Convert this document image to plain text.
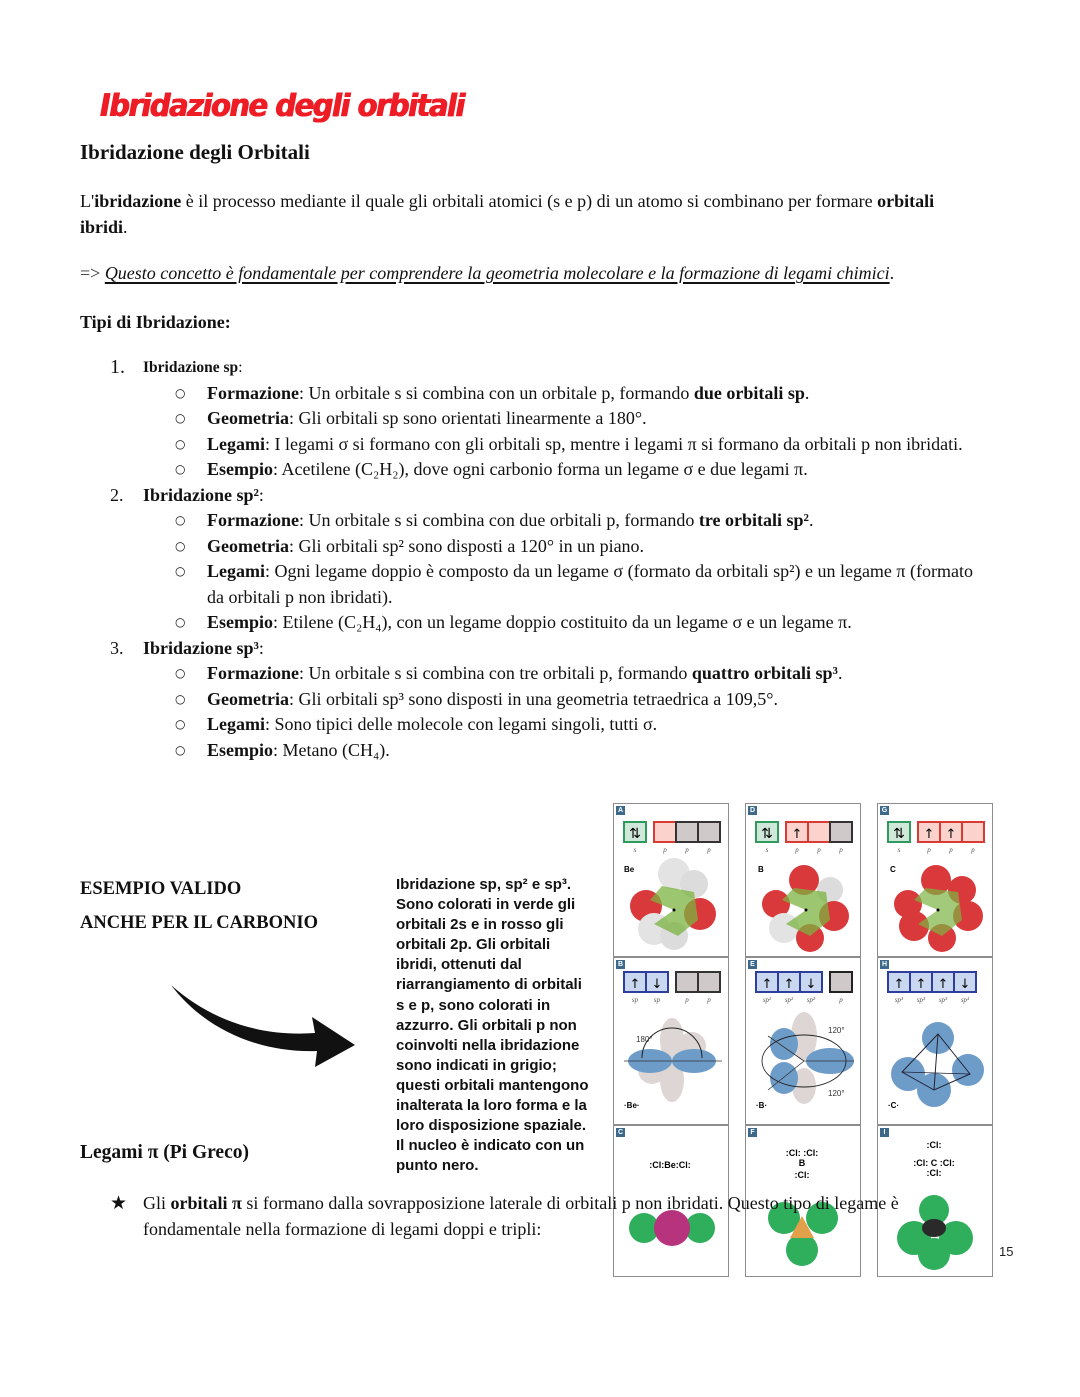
Ibridazione degli orbitali
Ibridazione degli Orbitali
L'ibridazione è il processo mediante il quale gli orbitali atomici (s e p) di un atomo si combinano per formare orbitali ibridi.
=> Questo concetto è fondamentale per comprendere la geometria molecolare e la formazione di legami chimici.
Tipi di Ibridazione:
1. Ibridazione sp:
○ Formazione: Un orbitale s si combina con un orbitale p, formando due orbitali sp.
○ Geometria: Gli orbitali sp sono orientati linearmente a 180°.
○ Legami: I legami σ si formano con gli orbitali sp, mentre i legami π si formano da orbitali p non ibridati.
○ Esempio: Acetilene (C₂H₂), dove ogni carbonio forma un legame σ e due legami π.
2. Ibridazione sp²:
○ Formazione: Un orbitale s si combina con due orbitali p, formando tre orbitali sp².
○ Geometria: Gli orbitali sp² sono disposti a 120° in un piano.
○ Legami: Ogni legame doppio è composto da un legame σ (formato da orbitali sp²) e un legame π (formato da orbitali p non ibridati).
○ Esempio: Etilene (C₂H₄), con un legame doppio costituito da un legame σ e un legame π.
3. Ibridazione sp³:
○ Formazione: Un orbitale s si combina con tre orbitali p, formando quattro orbitali sp³.
○ Geometria: Gli orbitali sp³ sono disposti in una geometria tetraedrica a 109,5°.
○ Legami: Sono tipici delle molecole con legami singoli, tutti σ.
○ Esempio: Metano (CH₄).
ESEMPIO VALIDO
ANCHE PER IL CARBONIO
Ibridazione sp, sp² e sp³.
Sono colorati in verde gli
orbitali 2s e in rosso gli
orbitali 2p. Gli orbitali
ibridi, ottenuti dal
riarrangiamento di orbitali
s e p, sono colorati in
azzurro. Gli orbitali p non
coinvolti nella ibridazione
sono indicati in grigio;
questi orbitali mantengono
inalterata la loro forma e la
loro disposizione spaziale.
Il nucleo è indicato con un
punto nero.
A
⇅
s	p	p	p
Be
D
⇅ ↑
s	p	p	p
B
G
⇅ ↑ ↑
s	p	p	p
C
B
↑ ↓
sp sp	p	p
180°
·Be·
E
↑ ↑ ↓
sp² sp² sp²	p
120°
120°
·B·
H
↑ ↑ ↑ ↓
sp³ sp³ sp³ sp³
·C·
C
:Cl:Be:Cl:
F
:Cl: :Cl:
B
:Cl:
I
:Cl:
:Cl: C :Cl:
:Cl:
Legami π (Pi Greco)
★ Gli orbitali π si formano dalla sovrapposizione laterale di orbitali p non ibridati. Questo tipo di legame è fondamentale nella formazione di legami doppi e tripli:
15
